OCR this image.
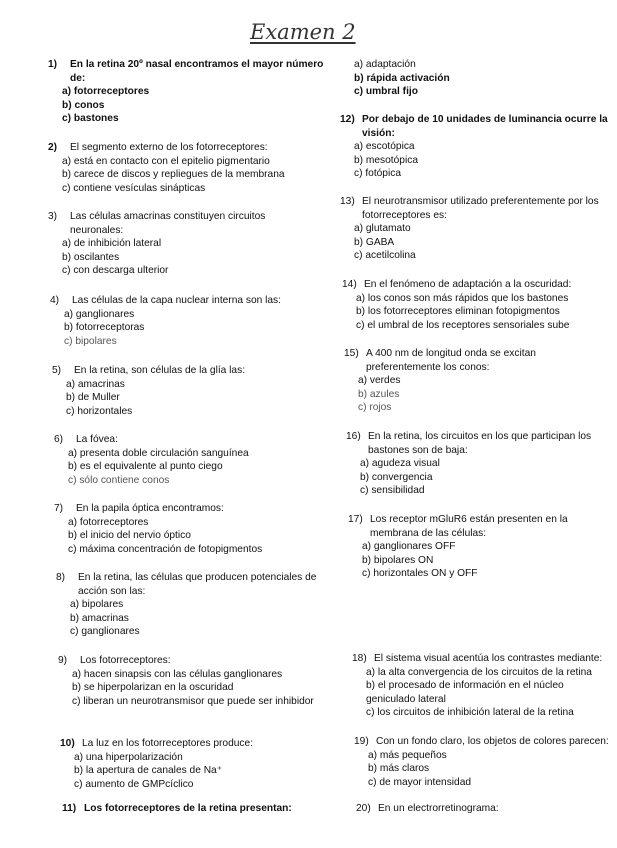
Examen 2
1)	En la retina 20º nasal encontramos el mayor número
de:
a) fotorreceptores
b) conos
c) bastones
2)	El segmento externo de los fotorreceptores:
a) está en contacto con el epitelio pigmentario
b) carece de discos y repliegues de la membrana
c) contiene vesículas sinápticas
3)	Las células amacrinas constituyen circuitos
neuronales:
a) de inhibición lateral
b) oscilantes
c) con descarga ulterior
4)	Las células de la capa nuclear interna son las:
a) ganglionares
b) fotorreceptoras
c) bipolares
5)	En la retina, son células de la glía las:
a) amacrinas
b) de Muller
c) horizontales
6)	La fóvea:
a) presenta doble circulación sanguínea
b) es el equivalente al punto ciego
c) sólo contiene conos
7)	En la papila óptica encontramos:
a) fotorreceptores
b) el inicio del nervio óptico
c) máxima concentración de fotopigmentos
8)	En la retina, las células que producen potenciales de
acción son las:
a) bipolares
b) amacrinas
c) ganglionares
9)	Los fotorreceptores:
a) hacen sinapsis con las células ganglionares
b) se hiperpolarizan en la oscuridad
c) liberan un neurotransmisor que puede ser inhibidor
10) La luz en los fotorreceptores produce:
a) una hiperpolarización
b) la apertura de canales de Na⁺
c) aumento de GMPcíclico
11) Los fotorreceptores de la retina presentan:
a) adaptación
b) rápida activación
c) umbral fijo
12) Por debajo de 10 unidades de luminancia ocurre la
visión:
a) escotópica
b) mesotópica
c) fotópica
13) El neurotransmisor utilizado preferentemente por los
fotorreceptores es:
a) glutamato
b) GABA
c) acetilcolina
14) En el fenómeno de adaptación a la oscuridad:
a) los conos son más rápidos que los bastones
b) los fotorreceptores eliminan fotopigmentos
c) el umbral de los receptores sensoriales sube
15) A 400 nm de longitud onda se excitan
preferentemente los conos:
a) verdes
b) azules
c) rojos
16) En la retina, los circuitos en los que participan los
bastones son de baja:
a) agudeza visual
b) convergencia
c) sensibilidad
17) Los receptor mGluR6 están presenten en la
membrana de las células:
a) ganglionares OFF
b) bipolares ON
c) horizontales ON y OFF
18) El sistema visual acentúa los contrastes mediante:
a) la alta convergencia de los circuitos de la retina
b) el procesado de información en el núcleo
geniculado lateral
c) los circuitos de inhibición lateral de la retina
19) Con un fondo claro, los objetos de colores parecen:
a) más pequeños
b) más claros
c) de mayor intensidad
20) En un electrorretinograma:
